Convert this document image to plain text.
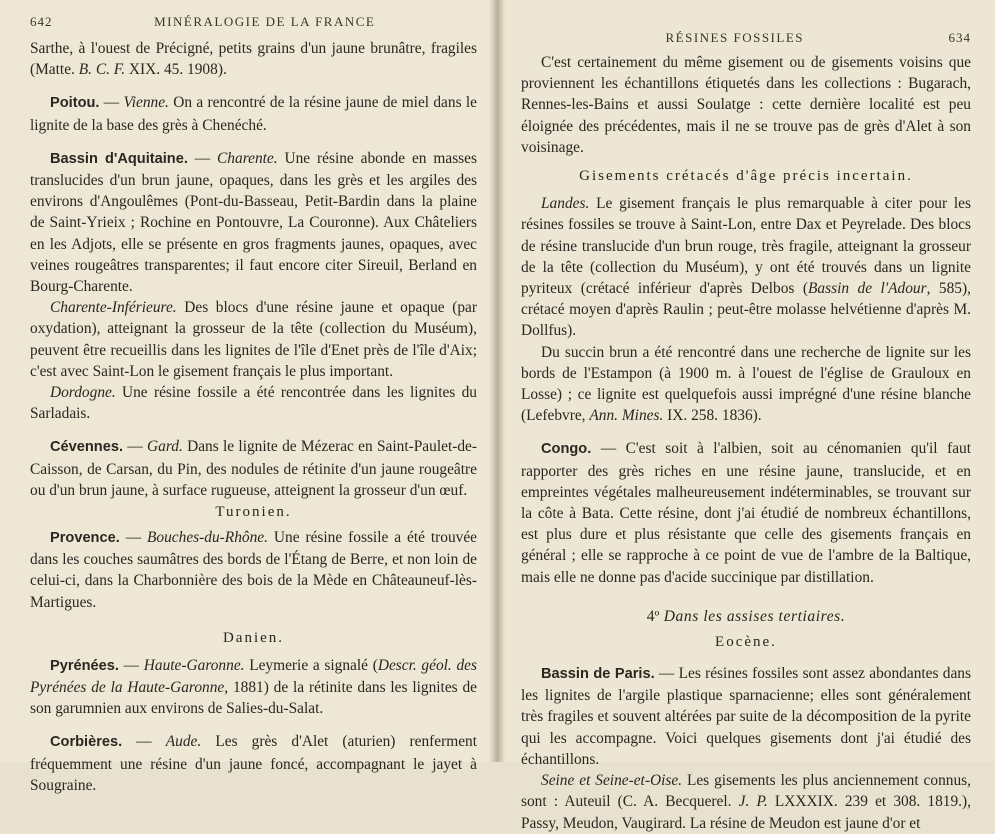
642	MINÉRALOGIE DE LA FRANCE

Sarthe, à l'ouest de Précigné, petits grains d'un jaune brunâtre, fragiles (Matte. B. C. F. XIX. 45. 1908).

Poitou. — Vienne. On a rencontré de la résine jaune de miel dans le lignite de la base des grès à Chenéché.

Bassin d'Aquitaine. — Charente. Une résine abonde en masses translucides d'un brun jaune, opaques, dans les grès et les argiles des environs d'Angoulêmes (Pont-du-Basseau, Petit-Bardin dans la plaine de Saint-Yrieix ; Rochine en Pontouvre, La Couronne). Aux Châteliers en les Adjots, elle se présente en gros fragments jaunes, opaques, avec veines rougeâtres transparentes; il faut encore citer Sireuil, Berland en Bourg-Charente.

Charente-Inférieure. Des blocs d'une résine jaune et opaque (par oxydation), atteignant la grosseur de la tête (collection du Muséum), peuvent être recueillis dans les lignites de l'île d'Enet près de l'île d'Aix; c'est avec Saint-Lon le gisement français le plus important.

Dordogne. Une résine fossile a été rencontrée dans les lignites du Sarladais.

Cévennes. — Gard. Dans le lignite de Mézerac en Saint-Paulet-de-Caisson, de Carsan, du Pin, des nodules de rétinite d'un jaune rougeâtre ou d'un brun jaune, à surface rugueuse, atteignent la grosseur d'un œuf.

Turonien.

Provence. — Bouches-du-Rhône. Une résine fossile a été trouvée dans les couches saumâtres des bords de l'Étang de Berre, et non loin de celui-ci, dans la Charbonnière des bois de la Mède en Châteauneuf-lès-Martigues.

Danien.

Pyrénées. — Haute-Garonne. Leymerie a signalé (Descr. géol. des Pyrénées de la Haute-Garonne, 1881) de la rétinite dans les lignites de son garumnien aux environs de Salies-du-Salat.

Corbières. — Aude. Les grès d'Alet (aturien) renferment fréquemment une résine d'un jaune foncé, accompagnant le jayet à Sougraine.

RÉSINES FOSSILES	634

C'est certainement du même gisement ou de gisements voisins que proviennent les échantillons étiquetés dans les collections : Bugarach, Rennes-les-Bains et aussi Soulatge : cette dernière localité est peu éloignée des précédentes, mais il ne se trouve pas de grès d'Alet à son voisinage.

Gisements crétacés d'âge précis incertain.

Landes. Le gisement français le plus remarquable à citer pour les résines fossiles se trouve à Saint-Lon, entre Dax et Peyrelade. Des blocs de résine translucide d'un brun rouge, très fragile, atteignant la grosseur de la tête (collection du Muséum), y ont été trouvés dans un lignite pyriteux (crétacé inférieur d'après Delbos (Bassin de l'Adour, 585), crétacé moyen d'après Raulin ; peut-être molasse helvétienne d'après M. Dollfus).

Du succin brun a été rencontré dans une recherche de lignite sur les bords de l'Estampon (à 1900 m. à l'ouest de l'église de Grauloux en Losse) ; ce lignite est quelquefois aussi imprégné d'une résine blanche (Lefebvre, Ann. Mines. IX. 258. 1836).

Congo. — C'est soit à l'albien, soit au cénomanien qu'il faut rapporter des grès riches en une résine jaune, translucide, et en empreintes végétales malheureusement indéterminables, se trouvant sur la côte à Bata. Cette résine, dont j'ai étudié de nombreux échantillons, est plus dure et plus résistante que celle des gisements français en général ; elle se rapproche à ce point de vue de l'ambre de la Baltique, mais elle ne donne pas d'acide succinique par distillation.

4º Dans les assises tertiaires.

Eocène.

Bassin de Paris. — Les résines fossiles sont assez abondantes dans les lignites de l'argile plastique sparnacienne; elles sont généralement très fragiles et souvent altérées par suite de la décomposition de la pyrite qui les accompagne. Voici quelques gisements dont j'ai étudié des échantillons.

Seine et Seine-et-Oise. Les gisements les plus anciennement connus, sont : Auteuil (C. A. Becquerel. J. P. LXXXIX. 239 et 308. 1819.), Passy, Meudon, Vaugirard. La résine de Meudon est jaune d'or et
